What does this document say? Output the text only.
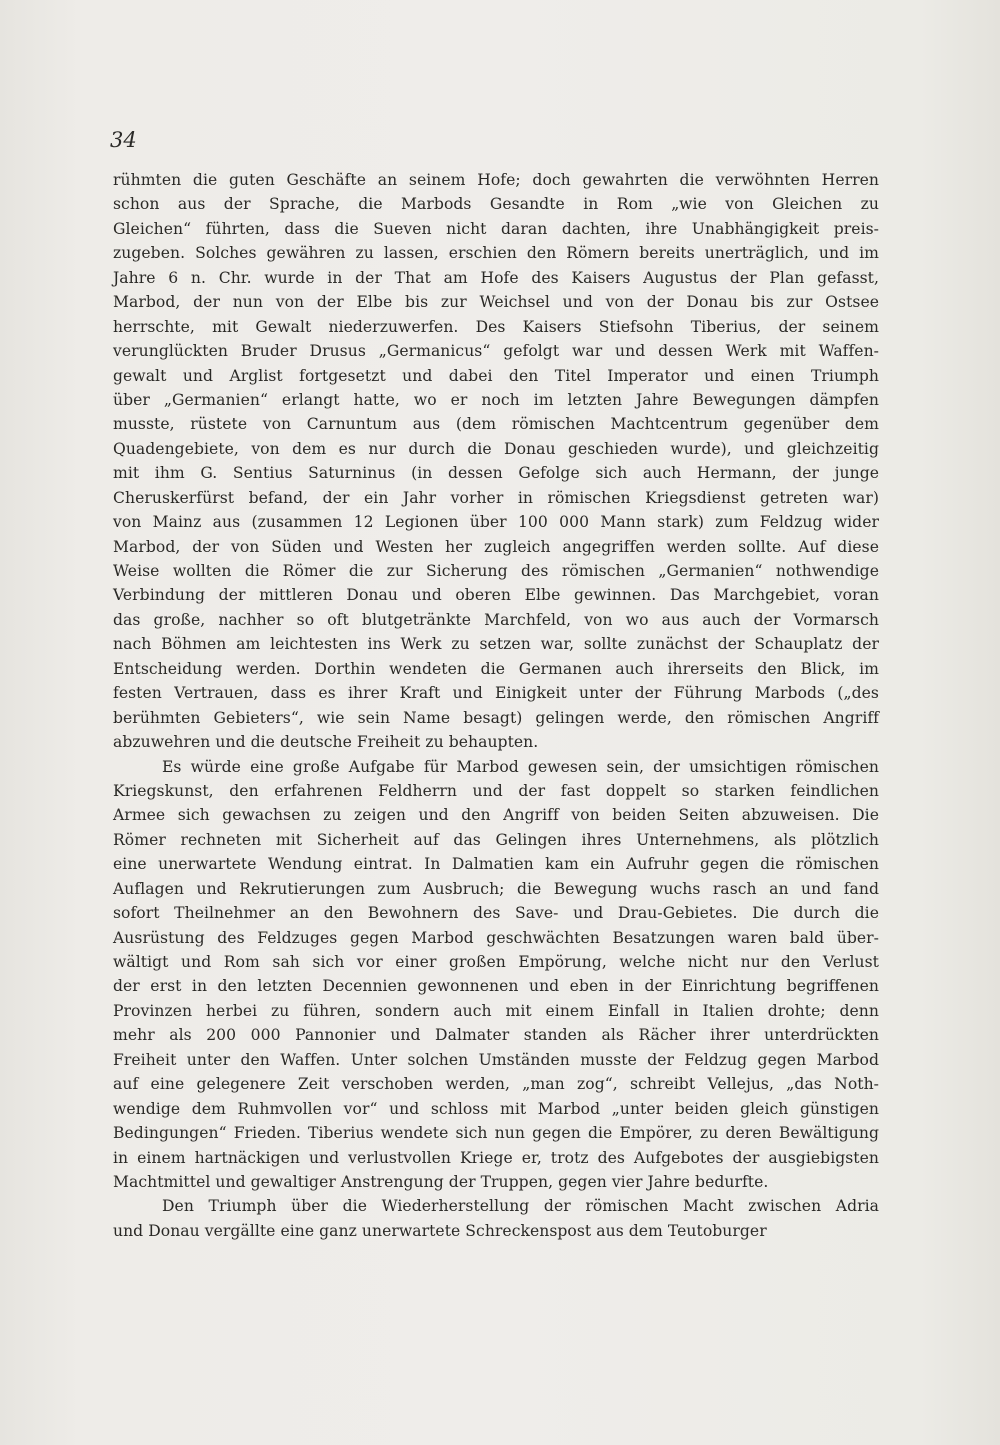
34
rühmten die guten Geschäfte an seinem Hofe; doch gewahrten die verwöhnten Herren
schon aus der Sprache, die Marbods Gesandte in Rom „wie von Gleichen zu
Gleichen“ führten, dass die Sueven nicht daran dachten, ihre Unabhängigkeit preis-
zugeben. Solches gewähren zu lassen, erschien den Römern bereits unerträglich, und im
Jahre 6 n. Chr. wurde in der That am Hofe des Kaisers Augustus der Plan gefasst,
Marbod, der nun von der Elbe bis zur Weichsel und von der Donau bis zur Ostsee
herrschte, mit Gewalt niederzuwerfen. Des Kaisers Stiefsohn Tiberius, der seinem
verunglückten Bruder Drusus „Germanicus“ gefolgt war und dessen Werk mit Waffen-
gewalt und Arglist fortgesetzt und dabei den Titel Imperator und einen Triumph
über „Germanien“ erlangt hatte, wo er noch im letzten Jahre Bewegungen dämpfen
musste, rüstete von Carnuntum aus (dem römischen Machtcentrum gegenüber dem
Quadengebiete, von dem es nur durch die Donau geschieden wurde), und gleichzeitig
mit ihm G. Sentius Saturninus (in dessen Gefolge sich auch Hermann, der junge
Cheruskerfürst befand, der ein Jahr vorher in römischen Kriegsdienst getreten war)
von Mainz aus (zusammen 12 Legionen über 100 000 Mann stark) zum Feldzug wider
Marbod, der von Süden und Westen her zugleich angegriffen werden sollte. Auf diese
Weise wollten die Römer die zur Sicherung des römischen „Germanien“ nothwendige
Verbindung der mittleren Donau und oberen Elbe gewinnen. Das Marchgebiet, voran
das große, nachher so oft blutgetränkte Marchfeld, von wo aus auch der Vormarsch
nach Böhmen am leichtesten ins Werk zu setzen war, sollte zunächst der Schauplatz der
Entscheidung werden. Dorthin wendeten die Germanen auch ihrerseits den Blick, im
festen Vertrauen, dass es ihrer Kraft und Einigkeit unter der Führung Marbods („des
berühmten Gebieters“, wie sein Name besagt) gelingen werde, den römischen Angriff
abzuwehren und die deutsche Freiheit zu behaupten.
Es würde eine große Aufgabe für Marbod gewesen sein, der umsichtigen römischen
Kriegskunst, den erfahrenen Feldherrn und der fast doppelt so starken feindlichen
Armee sich gewachsen zu zeigen und den Angriff von beiden Seiten abzuweisen. Die
Römer rechneten mit Sicherheit auf das Gelingen ihres Unternehmens, als plötzlich
eine unerwartete Wendung eintrat. In Dalmatien kam ein Aufruhr gegen die römischen
Auflagen und Rekrutierungen zum Ausbruch; die Bewegung wuchs rasch an und fand
sofort Theilnehmer an den Bewohnern des Save- und Drau-Gebietes. Die durch die
Ausrüstung des Feldzuges gegen Marbod geschwächten Besatzungen waren bald über-
wältigt und Rom sah sich vor einer großen Empörung, welche nicht nur den Verlust
der erst in den letzten Decennien gewonnenen und eben in der Einrichtung begriffenen
Provinzen herbei zu führen, sondern auch mit einem Einfall in Italien drohte; denn
mehr als 200 000 Pannonier und Dalmater standen als Rächer ihrer unterdrückten
Freiheit unter den Waffen. Unter solchen Umständen musste der Feldzug gegen Marbod
auf eine gelegenere Zeit verschoben werden, „man zog“, schreibt Vellejus, „das Noth-
wendige dem Ruhmvollen vor“ und schloss mit Marbod „unter beiden gleich günstigen
Bedingungen“ Frieden. Tiberius wendete sich nun gegen die Empörer, zu deren Bewältigung
in einem hartnäckigen und verlustvollen Kriege er, trotz des Aufgebotes der ausgiebigsten
Machtmittel und gewaltiger Anstrengung der Truppen, gegen vier Jahre bedurfte.
Den Triumph über die Wiederherstellung der römischen Macht zwischen Adria
und Donau vergällte eine ganz unerwartete Schreckenspost aus dem Teutoburger
